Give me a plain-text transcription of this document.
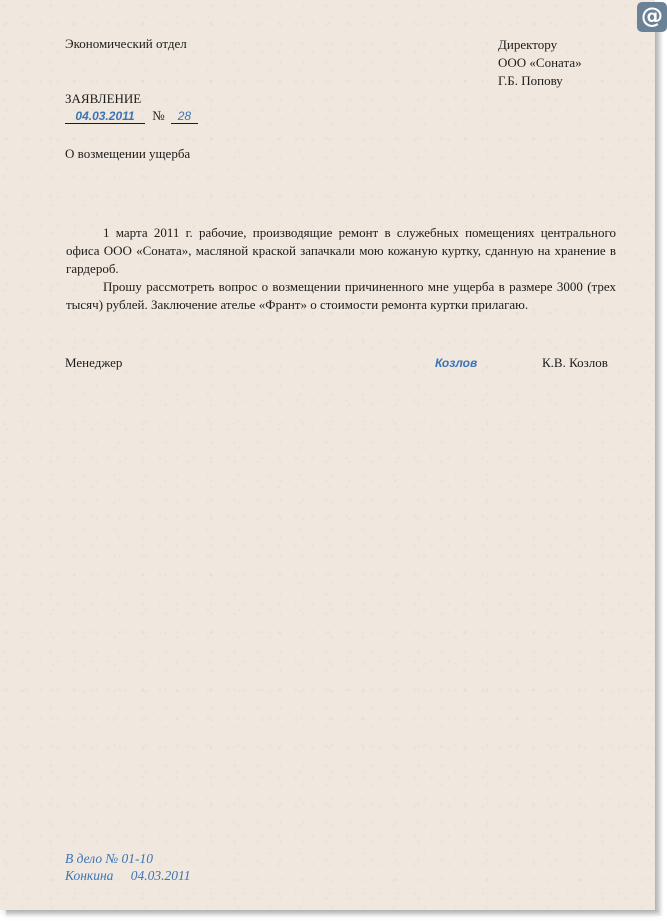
Экономический отдел	Директору
ООО «Соната»
Г.Б. Попову
ЗАЯВЛЕНИЕ
04.03.2011 № 28
О возмещении ущерба

1 марта 2011 г. рабочие, производящие ремонт в служебных помещениях центрального офиса ООО «Соната», масляной краской запачкали мою кожаную куртку, сданную на хранение в гардероб.

Прошу рассмотреть вопрос о возмещении причиненного мне ущерба в размере 3000 (трех тысяч) рублей. Заключение ателье «Франт» о стоимости ремонта куртки прилагаю.

Менеджер	Козлов	К.В. Козлов
В дело № 01-10
Конкина 04.03.2011
@
